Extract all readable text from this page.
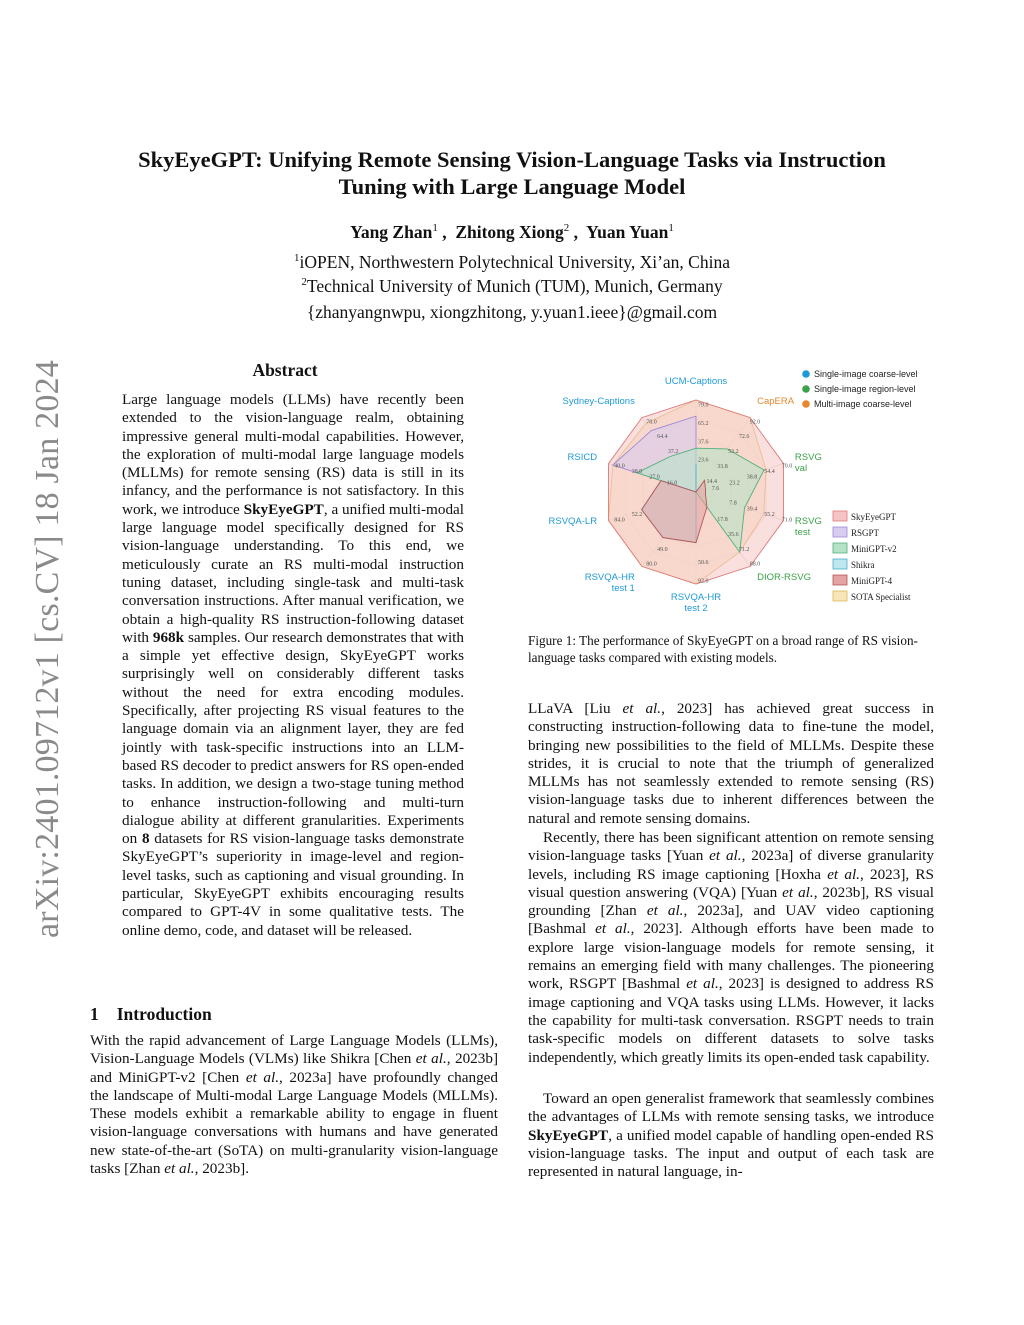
arXiv:2401.09712v1 [cs.CV] 18 Jan 2024
SkyEyeGPT: Unifying Remote Sensing Vision-Language Tasks via Instruction
Tuning with Large Language Model
Yang Zhan$^1$ ,  Zhitong Xiong$^2$ ,  Yuan Yuan$^1$
$^1$iOPEN, Northwestern Polytechnical University, Xi’an, China
$^2$Technical University of Munich (TUM), Munich, Germany
{zhanyangnwpu, xiongzhitong, y.yuan1.ieee}@gmail.com
Abstract
Large language models (LLMs) have recently been extended to the vision-language realm, obtaining impressive general multi-modal capabilities. However, the exploration of multi-modal large language models (MLLMs) for remote sensing (RS) data is still in its infancy, and the performance is not satisfactory. In this work, we introduce SkyEyeGPT, a unified multi-modal large language model specifically designed for RS vision-language understanding. To this end, we meticulously curate an RS multi-modal instruction tuning dataset, including single-task and multi-task conversation instructions. After manual verification, we obtain a high-quality RS instruction-following dataset with 968k samples. Our research demonstrates that with a simple yet effective design, SkyEyeGPT works surprisingly well on considerably different tasks without the need for extra encoding modules. Specifically, after projecting RS visual features to the language domain via an alignment layer, they are fed jointly with task-specific instructions into an LLM-based RS decoder to predict answers for RS open-ended tasks. In addition, we design a two-stage tuning method to enhance instruction-following and multi-turn dialogue ability at different granularities. Experiments on 8 datasets for RS vision-language tasks demonstrate SkyEyeGPT’s superiority in image-level and region-level tasks, such as captioning and visual grounding. In particular, SkyEyeGPT exhibits encouraging results compared to GPT-4V in some qualitative tests. The online demo, code, and dataset will be released.
1 Introduction
With the rapid advancement of Large Language Models (LLMs), Vision-Language Models (VLMs) like Shikra [Chen et al., 2023b] and MiniGPT-v2 [Chen et al., 2023a] have profoundly changed the landscape of Multi-modal Large Language Models (MLLMs). These models exhibit a remarkable ability to engage in fluent vision-language conversations with humans and have generated new state-of-the-art (SoTA) on multi-granularity vision-language tasks [Zhan et al., 2023b].
79.0
65.2
37.6
23.6
92.0
72.6
53.2
33.8
14.4
70.0
54.4
38.8
23.2
7.6
71.0
55.2
39.4
7.8
88.0
71.2
35.6
17.8
92.0
50.6
80.0
49.0
84.0
52.2
40.0
38.0
27.0
16.0
78.0
64.4
37.2
UCM-Captions
CapERA
RSVG val
RSVG test
DIOR-RSVG
RSVQA-HR test 2
RSVQA-HR test 1
RSVQA-LR
RSICD
Sydney-Captions
Single-image coarse-level
Single-image region-level
Multi-image coarse-level
SkyEyeGPT
RSGPT
MiniGPT-v2
Shikra
MiniGPT-4
SOTA Specialist
Figure 1: The performance of SkyEyeGPT on a broad range of RS vision-language tasks compared with existing models.
LLaVA [Liu et al., 2023] has achieved great success in constructing instruction-following data to fine-tune the model, bringing new possibilities to the field of MLLMs. Despite these strides, it is crucial to note that the triumph of generalized MLLMs has not seamlessly extended to remote sensing (RS) vision-language tasks due to inherent differences between the natural and remote sensing domains.
Recently, there has been significant attention on remote sensing vision-language tasks [Yuan et al., 2023a] of diverse granularity levels, including RS image captioning [Hoxha et al., 2023], RS visual question answering (VQA) [Yuan et al., 2023b], RS visual grounding [Zhan et al., 2023a], and UAV video captioning [Bashmal et al., 2023]. Although efforts have been made to explore large vision-language models for remote sensing, it remains an emerging field with many challenges. The pioneering work, RSGPT [Bashmal et al., 2023] is designed to address RS image captioning and VQA tasks using LLMs. However, it lacks the capability for multi-task conversation. RSGPT needs to train task-specific models on different datasets to solve tasks independently, which greatly limits its open-ended task capability.
Toward an open generalist framework that seamlessly combines the advantages of LLMs with remote sensing tasks, we introduce SkyEyeGPT, a unified model capable of handling open-ended RS vision-language tasks. The input and output of each task are represented in natural language, in-
